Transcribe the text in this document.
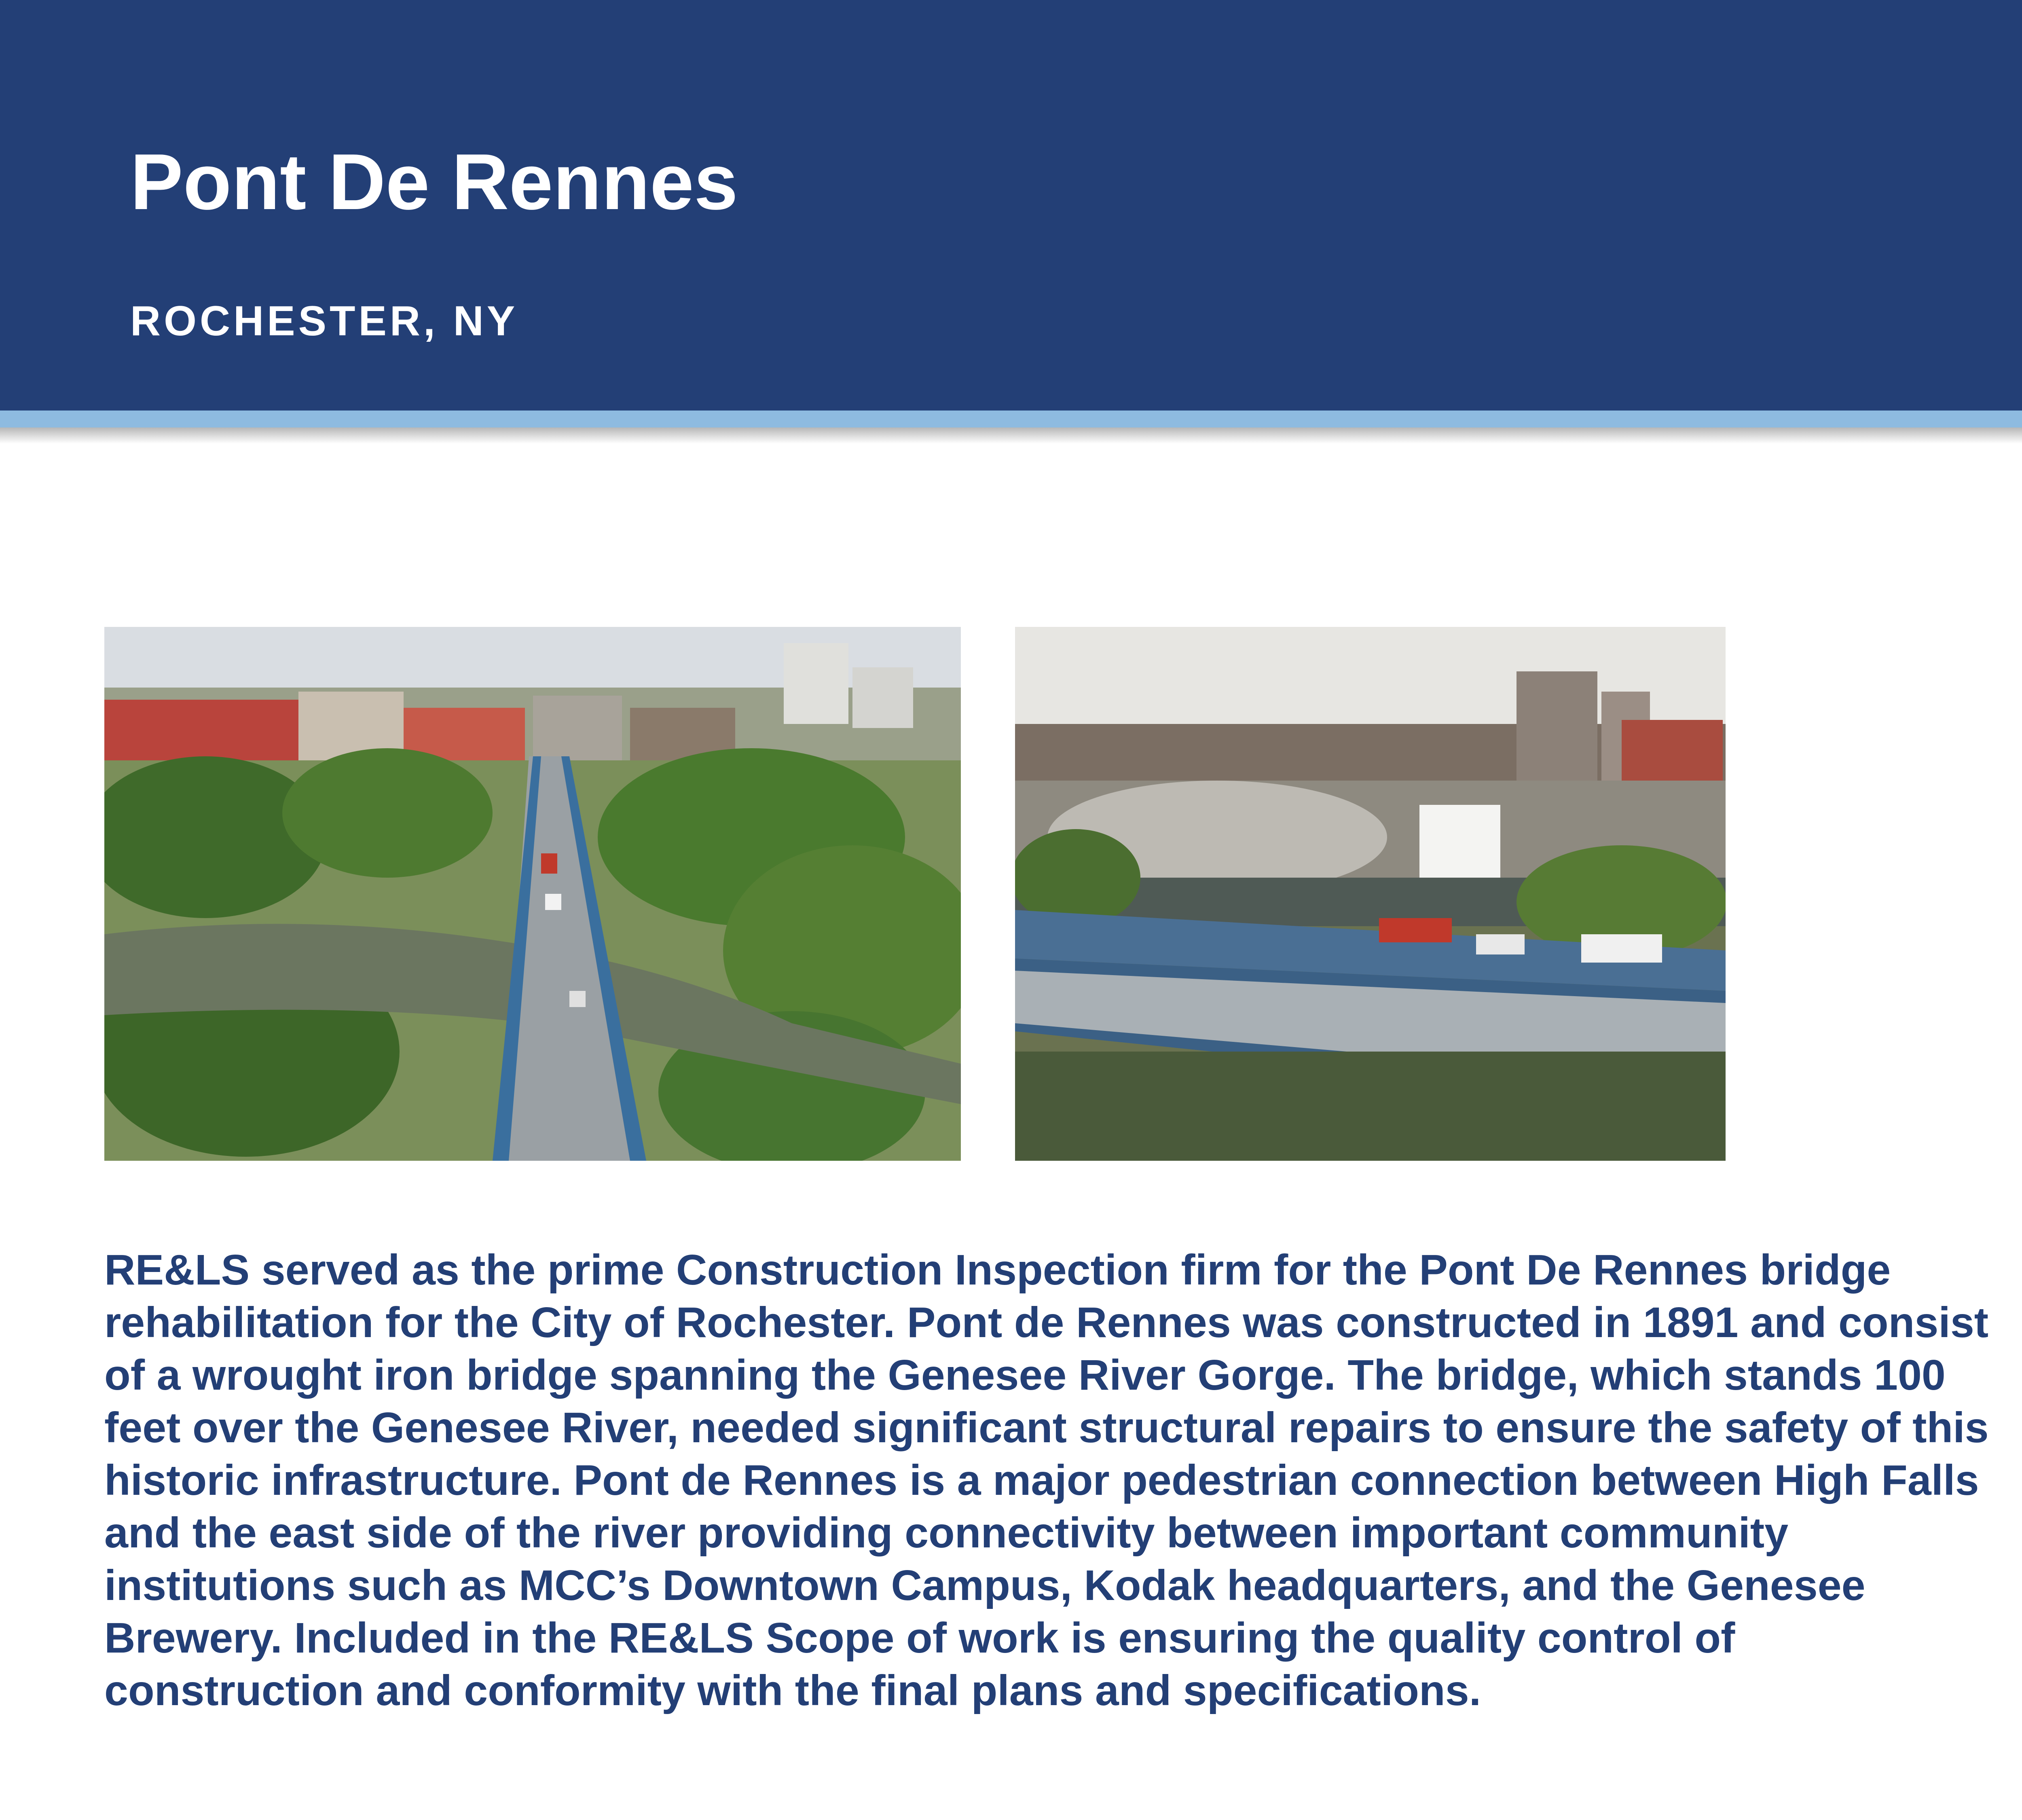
Pont De Rennes
ROCHESTER, NY

RE&LS served as the prime Construction Inspection firm for the Pont De Rennes bridge rehabilitation for the City of Rochester. Pont de Rennes was constructed in 1891 and consist of a wrought iron bridge spanning the Genesee River Gorge. The bridge, which stands 100 feet over the Genesee River, needed significant structural repairs to ensure the safety of this historic infrastructure. Pont de Rennes is a major pedestrian connection between High Falls and the east side of the river providing connectivity between important community institutions such as MCC’s Downtown Campus, Kodak headquarters, and the Genesee Brewery. Included in the RE&LS Scope of work is ensuring the quality control of construction and conformity with the final plans and specifications.
